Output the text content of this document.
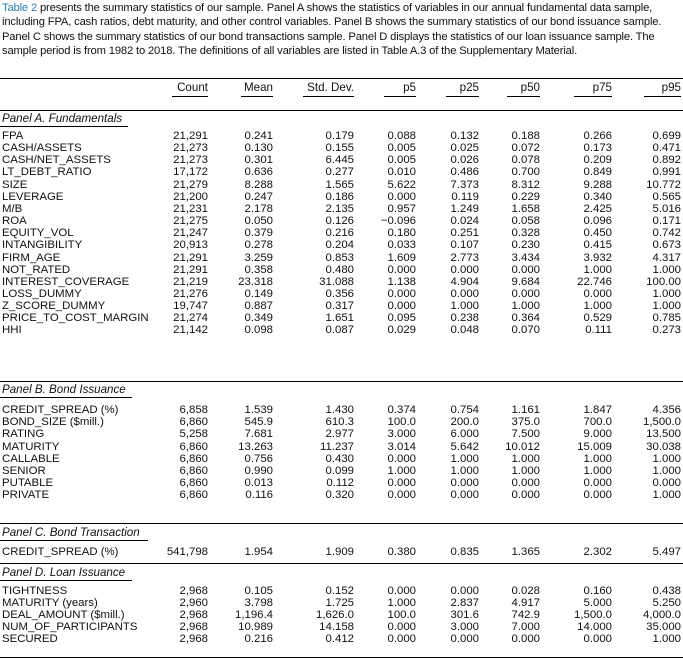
Table 2 presents the summary statistics of our sample. Panel A shows the statistics of variables in our annual fundamental data sample, including FPA, cash ratios, debt maturity, and other control variables. Panel B shows the summary statistics of our bond issuance sample. Panel C shows the summary statistics of our bond transactions sample. Panel D displays the statistics of our loan issuance sample. The sample period is from 1982 to 2018. The definitions of all variables are listed in Table A.3 of the Supplementary Material.
Count	Mean	Std. Dev.	p5	p25	p50	p75	p95
Panel A. Fundamentals
FPA	21,291	0.241	0.179	0.088	0.132	0.188	0.266	0.699
CASH/ASSETS	21,273	0.130	0.155	0.005	0.025	0.072	0.173	0.471
CASH/NET_ASSETS	21,273	0.301	6.445	0.005	0.026	0.078	0.209	0.892
LT_DEBT_RATIO	17,172	0.636	0.277	0.010	0.486	0.700	0.849	0.991
SIZE	21,279	8.288	1.565	5.622	7.373	8.312	9.288	10.772
LEVERAGE	21,200	0.247	0.186	0.000	0.119	0.229	0.340	0.565
M/B	21,231	2.178	2.135	0.957	1.249	1.658	2.425	5.016
ROA	21,275	0.050	0.126 −0.096	0.024	0.058	0.096	0.171
EQUITY_VOL	21,247	0.379	0.216	0.180	0.251	0.328	0.450	0.742
INTANGIBILITY	20,913	0.278	0.204	0.033	0.107	0.230	0.415	0.673
FIRM_AGE	21,291	3.259	0.853	1.609	2.773	3.434	3.932	4.317
NOT_RATED	21,291	0.358	0.480	0.000	0.000	0.000	1.000	1.000
INTEREST_COVERAGE	21,219	23.318	31.088	1.138	4.904	9.684	22.746	100.00
LOSS_DUMMY	21,276	0.149	0.356	0.000	0.000	0.000	0.000	1.000
Z_SCORE_DUMMY	19,747	0.887	0.317	0.000	1.000	1.000	1.000	1.000
PRICE_TO_COST_MARGIN 21,274	0.349	1.651	0.095	0.238	0.364	0.529	0.785
HHI	21,142	0.098	0.087	0.029	0.048	0.070	0.111	0.273
Panel B. Bond Issuance
CREDIT_SPREAD (%)	6,858	1.539	1.430	0.374	0.754	1.161	1.847	4.356
BOND_SIZE ($mill.)	6,860	545.9	610.3	100.0	200.0	375.0	700.0	1,500.0
RATING	5,258	7.681	2.977	3.000	6.000	7.500	9.000	13.500
MATURITY	6,860	13.263	11.237	3.014	5.642 10.012	15.009	30.038
CALLABLE	6,860	0.756	0.430	0.000	1.000	1.000	1.000	1.000
SENIOR	6,860	0.990	0.099	1.000	1.000	1.000	1.000	1.000
PUTABLE	6,860	0.013	0.112	0.000	0.000	0.000	0.000	0.000
PRIVATE	6,860	0.116	0.320	0.000	0.000	0.000	0.000	1.000
Panel C. Bond Transaction
CREDIT_SPREAD (%)	541,798	1.954	1.909	0.380	0.835	1.365	2.302	5.497
Panel D. Loan Issuance
TIGHTNESS	2,968	0.105	0.152	0.000	0.000	0.028	0.160	0.438
MATURITY (years)	2,960	3.798	1.725	1.000	2.837	4.917	5.000	5.250
DEAL_AMOUNT ($mill.)	2,968 1,196.4	1,626.0	100.0	301.6	742.9	1,500.0	4,000.0
NUM_OF_PARTICIPANTS	2,968	10.989	14.158	0.000	3.000	7.000	14.000	35.000
SECURED	2,968	0.216	0.412	0.000	0.000	0.000	0.000	1.000
